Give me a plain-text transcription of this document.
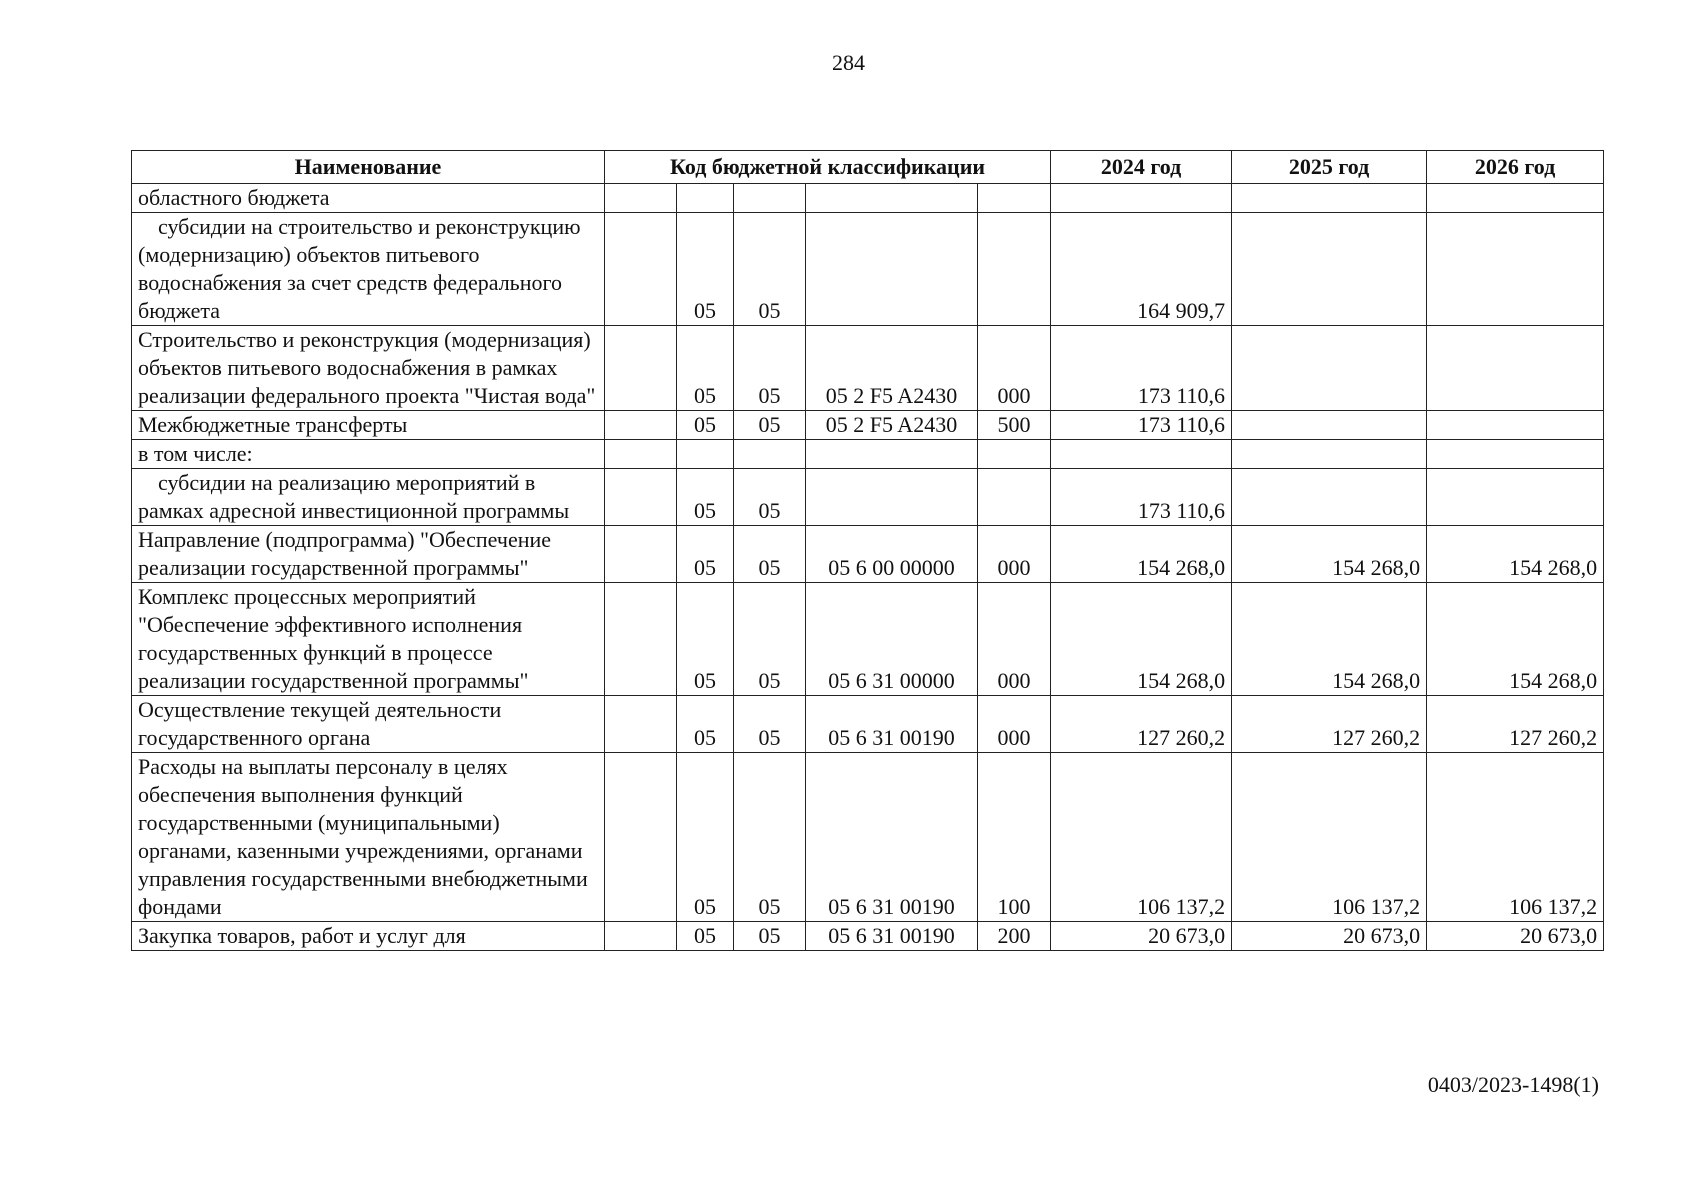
284
Наименование	Код бюджетной классификации					2024 год	2025 год	2026 год
областного бюджета								
субсидии на строительство и реконструкцию (модернизацию) объектов питьевого водоснабжения за счет средств федерального бюджета		05	05			164 909,7		
Строительство и реконструкция (модернизация) объектов питьевого водоснабжения в рамках реализации федерального проекта "Чистая вода"		05	05	05 2 F5 A2430	000	173 110,6		
Межбюджетные трансферты		05	05	05 2 F5 A2430	500	173 110,6		
в том числе:								
субсидии на реализацию мероприятий в рамках адресной инвестиционной программы		05	05			173 110,6		
Направление (подпрограмма) "Обеспечение реализации государственной программы"		05	05	05 6 00 00000	000	154 268,0	154 268,0	154 268,0
Комплекс процессных мероприятий "Обеспечение эффективного исполнения государственных функций в процессе реализации государственной программы"		05	05	05 6 31 00000	000	154 268,0	154 268,0	154 268,0
Осуществление текущей деятельности государственного органа		05	05	05 6 31 00190	000	127 260,2	127 260,2	127 260,2
Расходы на выплаты персоналу в целях обеспечения выполнения функций государственными (муниципальными) органами, казенными учреждениями, органами управления государственными внебюджетными фондами		05	05	05 6 31 00190	100	106 137,2	106 137,2	106 137,2
Закупка товаров, работ и услуг для		05	05	05 6 31 00190	200	20 673,0	20 673,0	20 673,0
0403/2023-1498(1)
